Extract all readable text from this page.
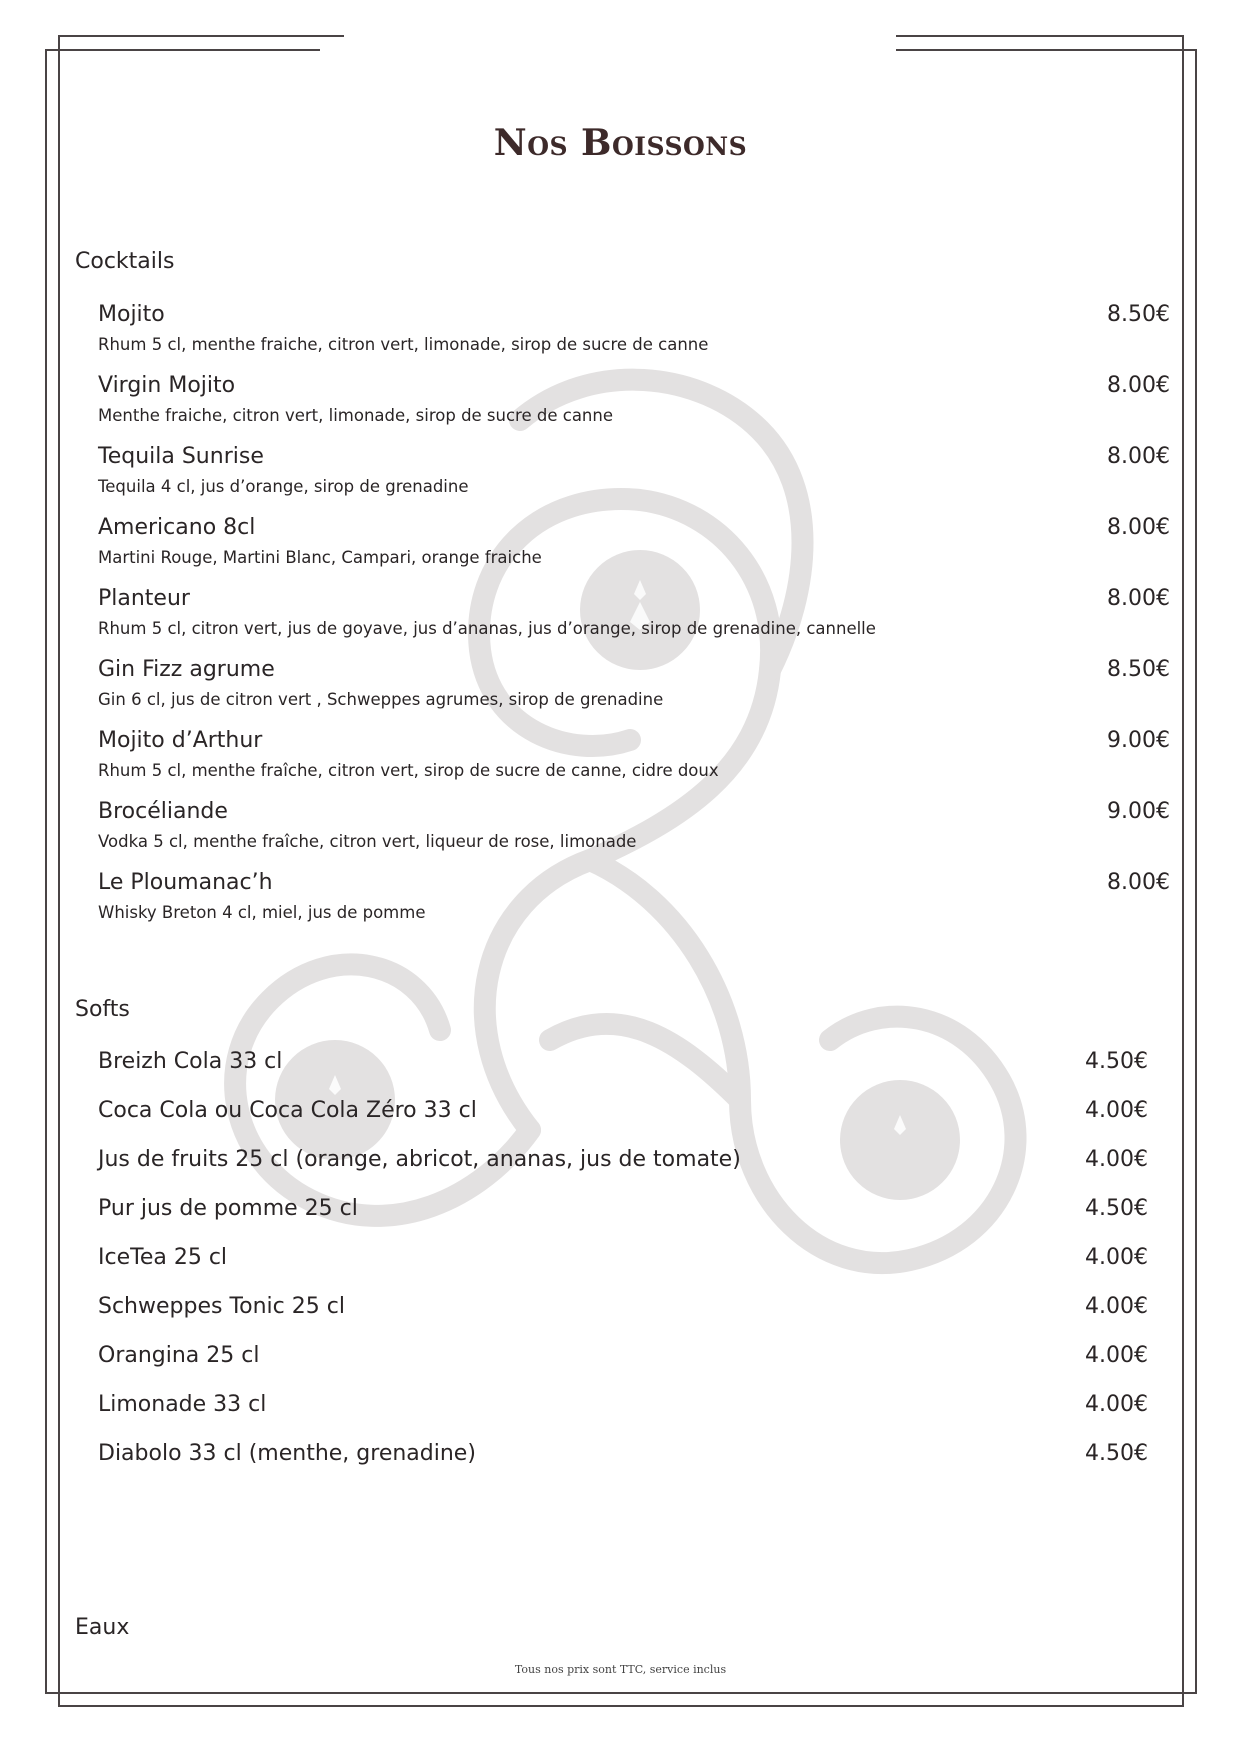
Nos Boissons
Cocktails
Mojito	8.50€
Rhum 5 cl, menthe fraiche, citron vert, limonade, sirop de sucre de canne
Virgin Mojito	8.00€
Menthe fraiche, citron vert, limonade, sirop de sucre de canne
Tequila Sunrise	8.00€
Tequila 4 cl, jus d’orange, sirop de grenadine
Americano 8cl	8.00€
Martini Rouge, Martini Blanc, Campari, orange fraiche
Planteur	8.00€
Rhum 5 cl, citron vert, jus de goyave, jus d’ananas, jus d’orange, sirop de grenadine, cannelle
Gin Fizz agrume	8.50€
Gin 6 cl, jus de citron vert , Schweppes agrumes, sirop de grenadine
Mojito d’Arthur	9.00€
Rhum 5 cl, menthe fraîche, citron vert, sirop de sucre de canne, cidre doux
Brocéliande	9.00€
Vodka 5 cl, menthe fraîche, citron vert, liqueur de rose, limonade
Le Ploumanac’h	8.00€
Whisky Breton 4 cl, miel, jus de pomme
Softs
Breizh Cola 33 cl	4.50€
Coca Cola ou Coca Cola Zéro 33 cl	4.00€
Jus de fruits 25 cl (orange, abricot, ananas, jus de tomate)	4.00€
Pur jus de pomme 25 cl	4.50€
IceTea 25 cl	4.00€
Schweppes Tonic 25 cl	4.00€
Orangina 25 cl	4.00€
Limonade 33 cl	4.00€
Diabolo 33 cl (menthe, grenadine)	4.50€
Eaux
Tous nos prix sont TTC, service inclus
